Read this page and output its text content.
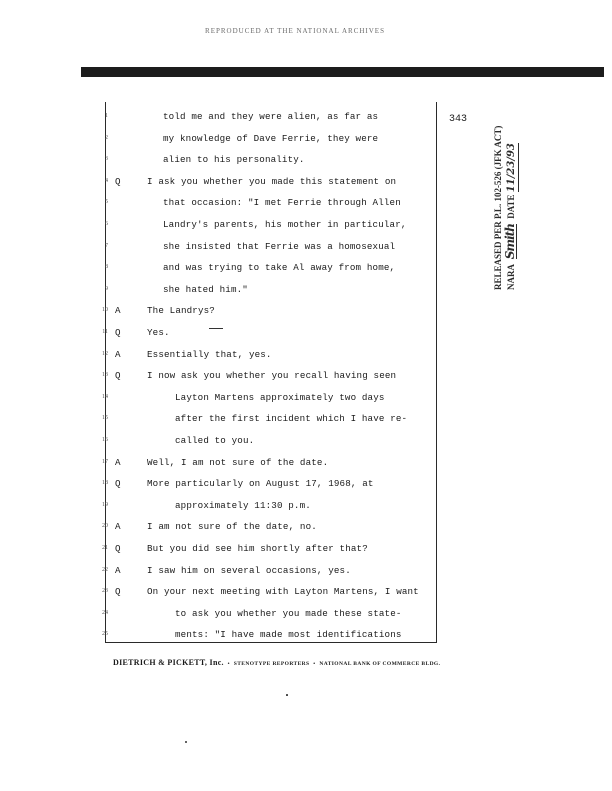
REPRODUCED AT THE NATIONAL ARCHIVES
343
1	told me and they were alien, as far as
2	my knowledge of Dave Ferrie, they were
3	alien to his personality.
4 Q	I ask you whether you made this statement on
5	that occasion: "I met Ferrie through Allen
6	Landry's parents, his mother in particular,
7	she insisted that Ferrie was a homosexual
8	and was trying to take Al away from home,
9	she hated him."
10 A	The Landrys?
11 Q	Yes.
12 A	Essentially that, yes.
13 Q	I now ask you whether you recall having seen
14	Layton Martens approximately two days
15	after the first incident which I have re-
16	called to you.
17 A	Well, I am not sure of the date.
18 Q	More particularly on August 17, 1968, at
19	approximately 11:30 p.m.
20 A	I am not sure of the date, no.
21 Q	But you did see him shortly after that?
22 A	I saw him on several occasions, yes.
23 Q	On your next meeting with Layton Martens, I want
24	to ask you whether you made these state-
25	ments: "I have made most identifications
RELEASED PER P.L. 102-526 (JFK ACT) NARA Smith DATE 11/23/93
DIETRICH & PICKETT, Inc.  •  STENOTYPE REPORTERS  •  NATIONAL BANK OF COMMERCE BLDG.
